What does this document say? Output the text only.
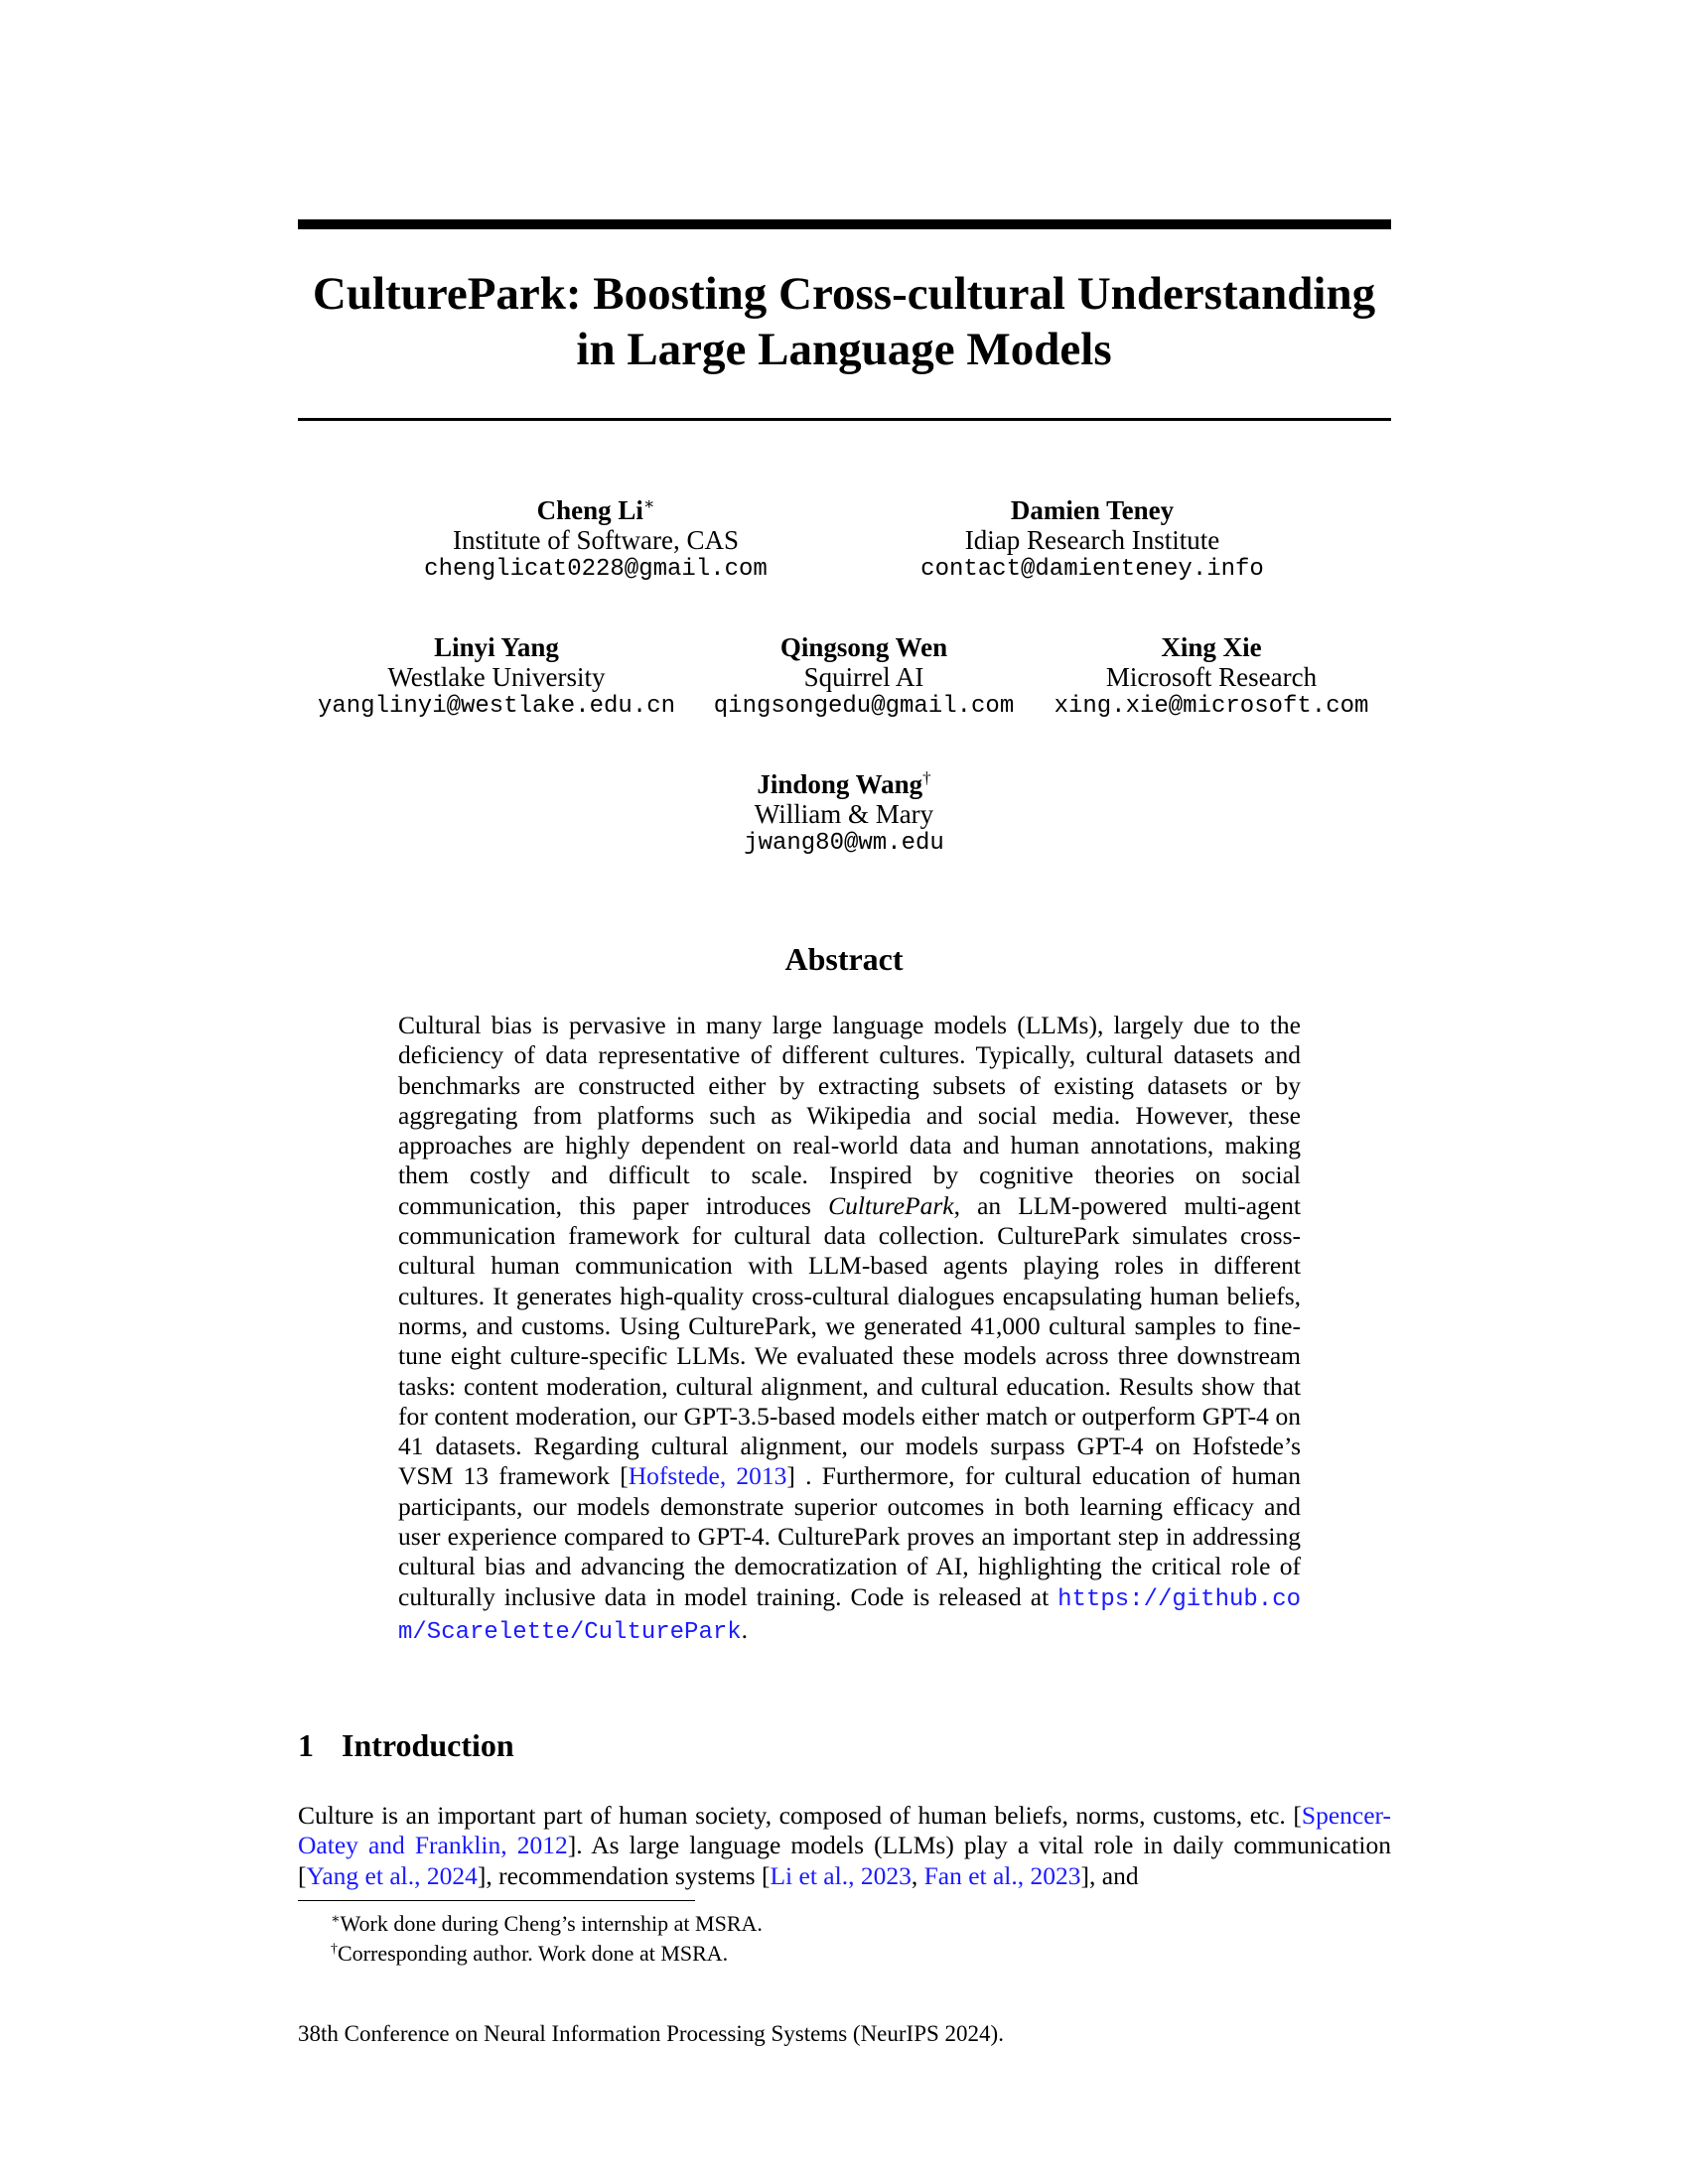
CulturePark: Boosting Cross-cultural Understanding
in Large Language Models
Cheng Li∗
Institute of Software, CAS
chenglicat0228@gmail.com
Damien Teney
Idiap Research Institute
contact@damienteney.info
Linyi Yang
Westlake University
yanglinyi@westlake.edu.cn
Qingsong Wen
Squirrel AI
qingsongedu@gmail.com
Xing Xie
Microsoft Research
xing.xie@microsoft.com
Jindong Wang†
William & Mary
jwang80@wm.edu
Abstract
Cultural bias is pervasive in many large language models (LLMs), largely due to the deficiency of data representative of different cultures. Typically, cultural datasets and benchmarks are constructed either by extracting subsets of existing datasets or by aggregating from platforms such as Wikipedia and social media. However, these approaches are highly dependent on real-world data and human annotations, making them costly and difficult to scale. Inspired by cognitive theories on social communication, this paper introduces CulturePark, an LLM-powered multi-agent communication framework for cultural data collection. CulturePark simulates cross-cultural human communication with LLM-based agents playing roles in different cultures. It generates high-quality cross-cultural dialogues encapsulating human beliefs, norms, and customs. Using CulturePark, we generated 41,000 cultural samples to fine-tune eight culture-specific LLMs. We evaluated these models across three downstream tasks: content moderation, cultural alignment, and cultural education. Results show that for content moderation, our GPT-3.5-based models either match or outperform GPT-4 on 41 datasets. Regarding cultural alignment, our models surpass GPT-4 on Hofstede’s VSM 13 framework [Hofstede, 2013] . Furthermore, for cultural education of human participants, our models demonstrate superior outcomes in both learning efficacy and user experience compared to GPT-4. CulturePark proves an important step in addressing cultural bias and advancing the democratization of AI, highlighting the critical role of culturally inclusive data in model training. Code is released at https://github.com/Scarelette/CulturePark.
1 Introduction
Culture is an important part of human society, composed of human beliefs, norms, customs, etc. [Spencer-Oatey and Franklin, 2012]. As large language models (LLMs) play a vital role in daily communication [Yang et al., 2024], recommendation systems [Li et al., 2023, Fan et al., 2023], and
∗Work done during Cheng’s internship at MSRA.
†Corresponding author. Work done at MSRA.
38th Conference on Neural Information Processing Systems (NeurIPS 2024).
